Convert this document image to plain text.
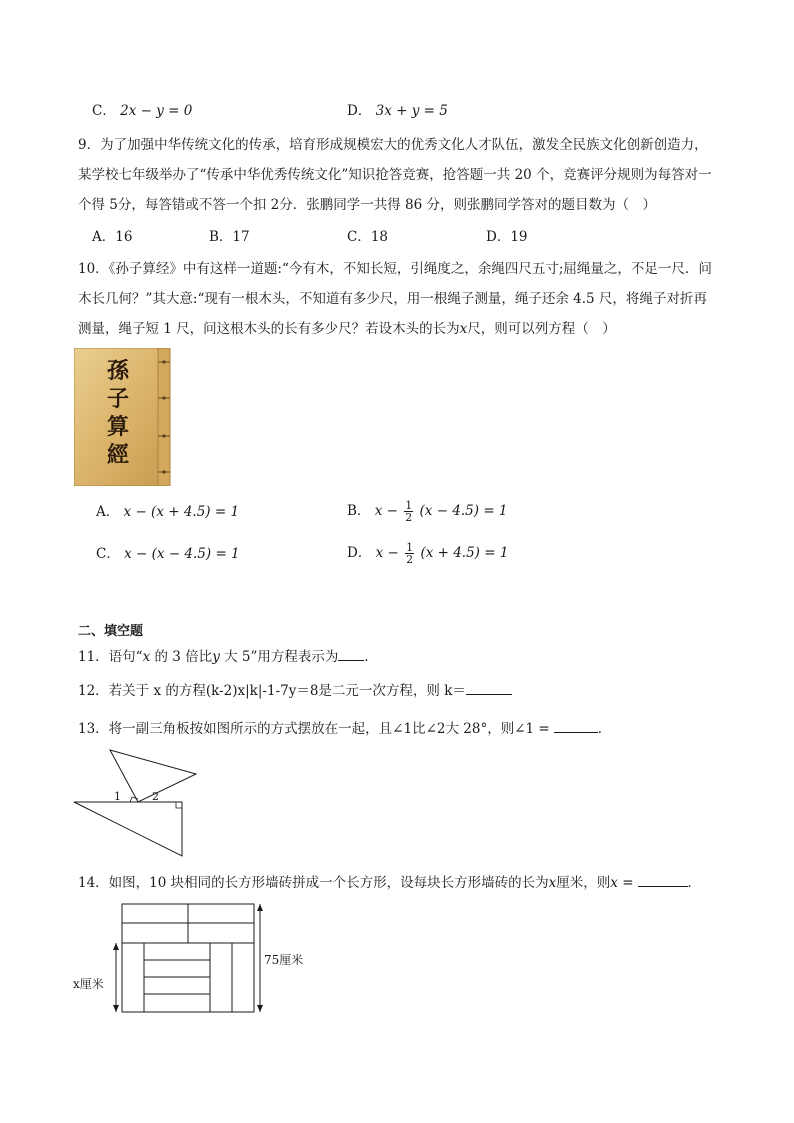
C． 2x − y = 0	D． 3x + y = 5
9．为了加强中华传统文化的传承，培育形成规模宏大的优秀文化人才队伍，激发全民族文化创新创造力，
某学校七年级举办了“传承中华优秀传统文化”知识抢答竞赛，抢答题一共 20 个，竞赛评分规则为每答对一
个得 5分，每答错或不答一个扣 2分．张鹏同学一共得 86 分，则张鹏同学答对的题目数为（　）
A．16	B．17	C．18	D．19
10．《孙子算经》中有这样一道题:“今有木，不知长短，引绳度之，余绳四尺五寸;屈绳量之，不足一尺．问
木长几何？”其大意:“现有一根木头，不知道有多少尺，用一根绳子测量，绳子还余 4.5 尺，将绳子对折再
测量，绳子短 1 尺，问这根木头的长有多少尺？若设木头的长为x尺，则可以列方程（　）
孫
子
算
經
A． x − (x + 4.5) = 1	B． $x - \frac{1}{2} (x - 4.5) = 1$
C． x − (x − 4.5) = 1	D． $x - \frac{1}{2} (x + 4.5) = 1$
二、填空题
11．语句“x 的 3 倍比y 大 5”用方程表示为 ．
12．若关于 x 的方程(k-2)x|k|-1-7y＝8是二元一次方程，则 k＝
13．将一副三角板按如图所示的方式摆放在一起，且∠1比∠2大 28°，则∠1 =	．
1	2
14．如图，10 块相同的长方形墙砖拼成一个长方形，设每块长方形墙砖的长为x厘米，则x =	．
75厘米
x厘米
